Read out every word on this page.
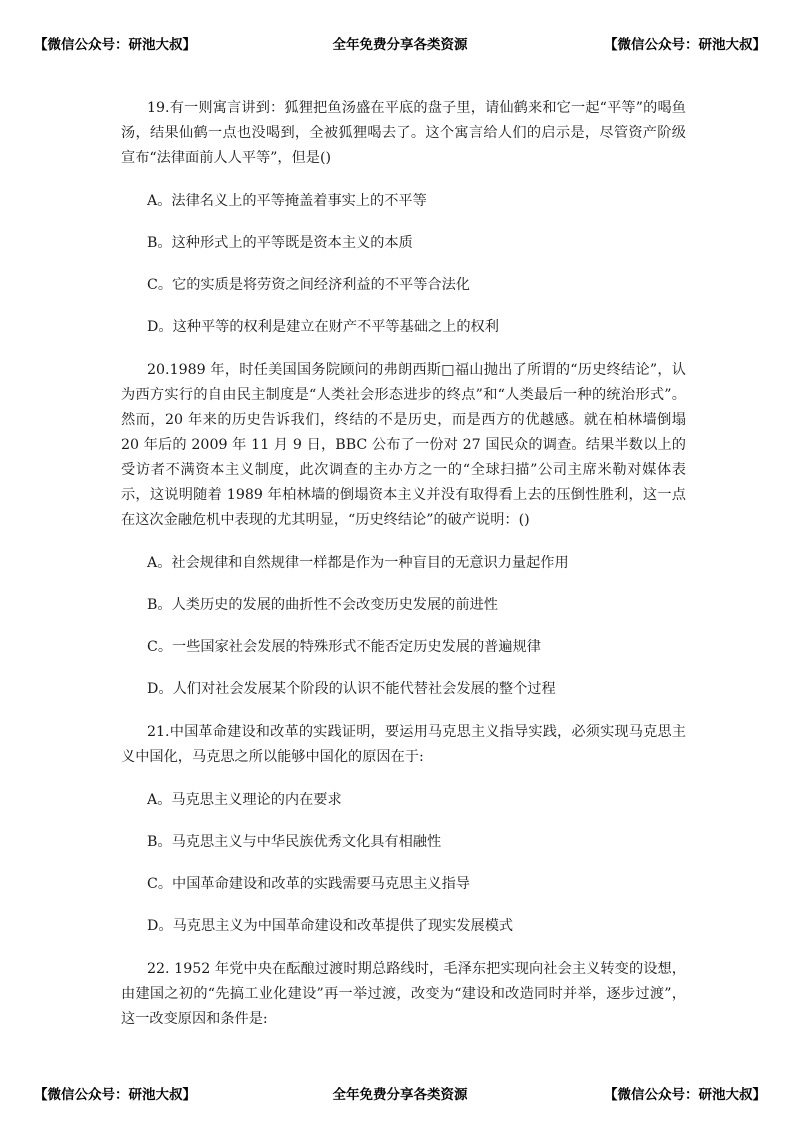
【微信公众号：研池大叔】	全年免费分享各类资源	【微信公众号：研池大叔】

19.有一则寓言讲到：狐狸把鱼汤盛在平底的盘子里，请仙鹤来和它一起“平等”的喝鱼汤，结果仙鹤一点也没喝到，全被狐狸喝去了。这个寓言给人们的启示是，尽管资产阶级宣布“法律面前人人平等”，但是()

A。法律名义上的平等掩盖着事实上的不平等

B。这种形式上的平等既是资本主义的本质

C。它的实质是将劳资之间经济利益的不平等合法化

D。这种平等的权利是建立在财产不平等基础之上的权利

20.1989 年，时任美国国务院顾问的弗朗西斯□福山抛出了所谓的“历史终结论”，认为西方实行的自由民主制度是“人类社会形态进步的终点”和“人类最后一种的统治形式”。然而，20 年来的历史告诉我们，终结的不是历史，而是西方的优越感。就在柏林墙倒塌 20 年后的 2009 年 11 月 9 日，BBC 公布了一份对 27 国民众的调查。结果半数以上的受访者不满资本主义制度，此次调查的主办方之一的“全球扫描”公司主席米勒对媒体表示，这说明随着 1989 年柏林墙的倒塌资本主义并没有取得看上去的压倒性胜利，这一点在这次金融危机中表现的尤其明显，“历史终结论”的破产说明：()

A。社会规律和自然规律一样都是作为一种盲目的无意识力量起作用

B。人类历史的发展的曲折性不会改变历史发展的前进性

C。一些国家社会发展的特殊形式不能否定历史发展的普遍规律

D。人们对社会发展某个阶段的认识不能代替社会发展的整个过程

21.中国革命建设和改革的实践证明，要运用马克思主义指导实践，必须实现马克思主义中国化，马克思之所以能够中国化的原因在于:

A。马克思主义理论的内在要求

B。马克思主义与中华民族优秀文化具有相融性

C。中国革命建设和改革的实践需要马克思主义指导

D。马克思主义为中国革命建设和改革提供了现实发展模式

22. 1952 年党中央在酝酿过渡时期总路线时，毛泽东把实现向社会主义转变的设想，由建国之初的“先搞工业化建设”再一举过渡，改变为“建设和改造同时并举，逐步过渡”，这一改变原因和条件是:

【微信公众号：研池大叔】	全年免费分享各类资源	【微信公众号：研池大叔】
